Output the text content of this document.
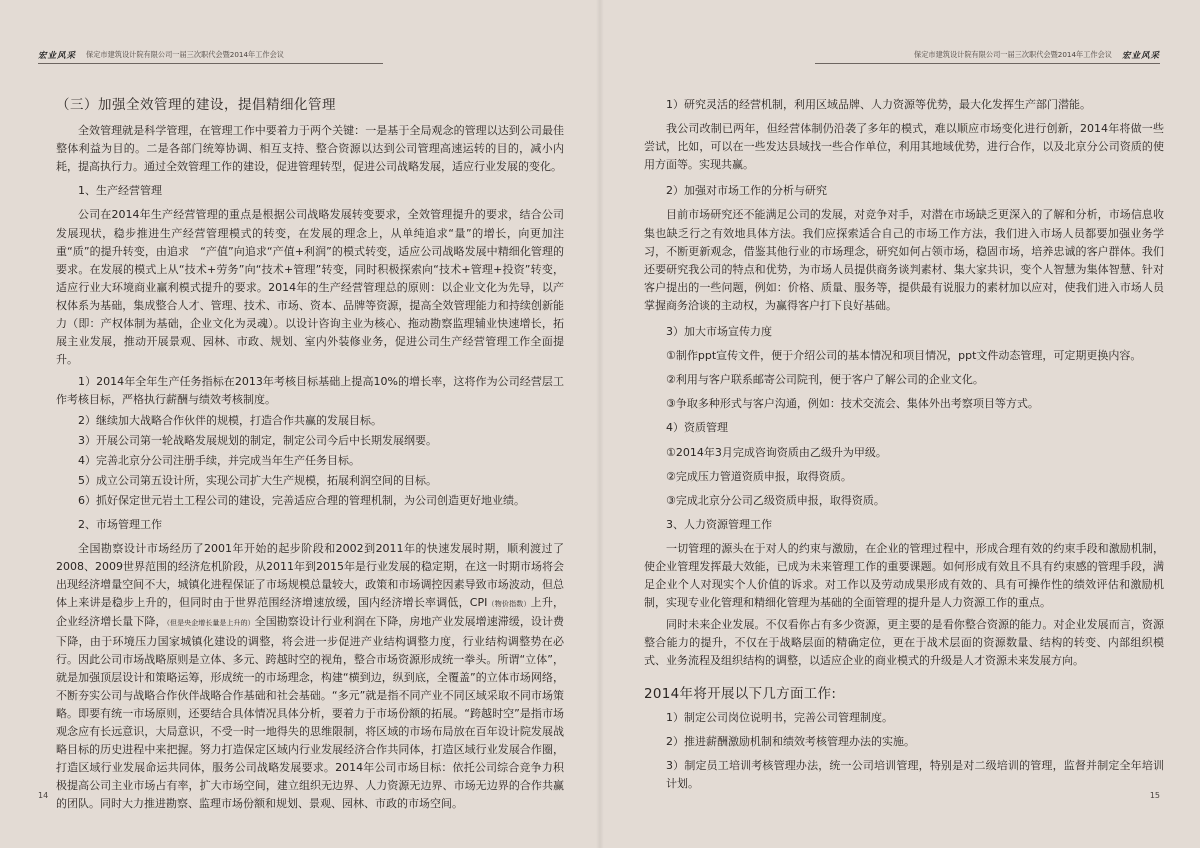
宏业风采 保定市建筑设计院有限公司一届三次职代会暨2014年工作会议
（三）加强全效管理的建设，提倡精细化管理
全效管理就是科学管理，在管理工作中要着力于两个关键：一是基于全局观念的管理以达到公司最佳整体利益为目的。二是各部门统筹协调、相互支持、整合资源以达到公司管理高速运转的目的，减小内耗，提高执行力。通过全效管理工作的建设，促进管理转型，促进公司战略发展，适应行业发展的变化。
1、生产经营管理
公司在2014年生产经营管理的重点是根据公司战略发展转变要求，全效管理提升的要求，结合公司发展现状，稳步推进生产经营管理模式的转变，在发展的理念上，从单纯追求“量”的增长，向更加注重“质”的提升转变，由追求　“产值”向追求“产值+利润”的模式转变，适应公司战略发展中精细化管理的要求。在发展的模式上从“技术+劳务”向“技术+管理”转变，同时积极探索向“技术+管理+投资”转变，适应行业大环境商业赢利模式提升的要求。2014年的生产经营管理总的原则：以企业文化为先导，以产权体系为基础，集成整合人才、管理、技术、市场、资本、品牌等资源，提高全效管理能力和持续创新能力（即：产权体制为基础，企业文化为灵魂）。以设计咨询主业为核心、拖动勘察监理辅业快速增长，拓展主业发展，推动开展景观、园林、市政、规划、室内外装修业务，促进公司生产经营管理工作全面提升。
1）2014年全年生产任务指标在2013年考核目标基础上提高10%的增长率，这将作为公司经营层工作考核目标，严格执行薪酬与绩效考核制度。
2）继续加大战略合作伙伴的规模，打造合作共赢的发展目标。
3）开展公司第一轮战略发展规划的制定，制定公司今后中长期发展纲要。
4）完善北京分公司注册手续，并完成当年生产任务目标。
5）成立公司第五设计所，实现公司扩大生产规模，拓展利润空间的目标。
6）抓好保定世元岩土工程公司的建设，完善适应合理的管理机制，为公司创造更好地业绩。
2、市场管理工作
全国勘察设计市场经历了2001年开始的起步阶段和2002到2011年的快速发展时期，顺利渡过了2008、2009世界范围的经济危机阶段，从2011年到2015年是行业发展的稳定期，在这一时期市场将会出现经济增量空间不大，城镇化进程保证了市场规模总量较大，政策和市场调控因素导致市场波动，但总体上来讲是稳步上升的，但同时由于世界范围经济增速放缓，国内经济增长率调低，CPI（物价指数）上升，企业经济增长量下降，（但是央企增长量是上升的）全国勘察设计行业利润在下降，房地产业发展增速滞缓，设计费下降，由于环境压力国家城镇化建设的调整，将会进一步促进产业结构调整力度，行业结构调整势在必行。因此公司市场战略原则是立体、多元、跨越时空的视角，整合市场资源形成统一拳头。所谓“立体”，就是加强顶层设计和策略运筹，形成统一的市场理念，构建“横到边，纵到底，全覆盖”的立体市场网络，不断夯实公司与战略合作伙伴战略合作基础和社会基础。“多元”就是指不同产业不同区域采取不同市场策略。即要有统一市场原则，还要结合具体情况具体分析，要着力于市场份额的拓展。“跨越时空”是指市场观念应有长远意识，大局意识，不受一时一地得失的思维限制，将区域的市场布局放在百年设计院发展战略目标的历史进程中来把握。努力打造保定区域内行业发展经济合作共同体，打造区域行业发展合作圈，打造区域行业发展命运共同体，服务公司战略发展要求。2014年公司市场目标：依托公司综合竞争力积极提高公司主业市场占有率，扩大市场空间，建立组织无边界、人力资源无边界、市场无边界的合作共赢的团队。同时大力推进勘察、监理市场份额和规划、景观、园林、市政的市场空间。
14
保定市建筑设计院有限公司一届三次职代会暨2014年工作会议 宏业风采
1）研究灵活的经营机制，利用区域品牌、人力资源等优势，最大化发挥生产部门潜能。
我公司改制已两年，但经营体制仍沿袭了多年的模式，难以顺应市场变化进行创新，2014年将做一些尝试，比如，可以在一些发达县域找一些合作单位，利用其地域优势，进行合作，以及北京分公司资质的使用方面等。实现共赢。
2）加强对市场工作的分析与研究
目前市场研究还不能满足公司的发展，对竞争对手，对潜在市场缺乏更深入的了解和分析，市场信息收集也缺乏行之有效地具体方法。我们应探索适合自己的市场工作方法，我们进入市场人员都要加强业务学习，不断更新观念，借鉴其他行业的市场理念，研究如何占领市场，稳固市场，培养忠诚的客户群体。我们还要研究我公司的特点和优势，为市场人员提供商务谈判素材、集大家共识，变个人智慧为集体智慧、针对客户提出的一些问题，例如：价格、质量、服务等，提供最有说服力的素材加以应对，使我们进入市场人员掌握商务洽谈的主动权，为赢得客户打下良好基础。
3）加大市场宣传力度
①制作ppt宣传文件，便于介绍公司的基本情况和项目情况，ppt文件动态管理，可定期更换内容。
②利用与客户联系邮寄公司院刊，便于客户了解公司的企业文化。
③争取多种形式与客户沟通，例如：技术交流会、集体外出考察项目等方式。
4）资质管理
①2014年3月完成咨询资质由乙级升为甲级。
②完成压力管道资质申报，取得资质。
③完成北京分公司乙级资质申报，取得资质。
3、人力资源管理工作
一切管理的源头在于对人的约束与激励，在企业的管理过程中，形成合理有效的约束手段和激励机制，使企业管理发挥最大效能，已成为未来管理工作的重要课题。如何形成有效且不具有约束感的管理手段，满足企业个人对现实个人价值的诉求。对工作以及劳动成果形成有效的、具有可操作性的绩效评估和激励机制，实现专业化管理和精细化管理为基础的全面管理的提升是人力资源工作的重点。
同时未来企业发展。不仅看你占有多少资源，更主要的是看你整合资源的能力。对企业发展而言，资源整合能力的提升，不仅在于战略层面的精确定位，更在于战术层面的资源数量、结构的转变、内部组织模式、业务流程及组织结构的调整，以适应企业的商业模式的升级是人才资源未来发展方向。
2014年将开展以下几方面工作:
1）制定公司岗位说明书，完善公司管理制度。
2）推进薪酬激励机制和绩效考核管理办法的实施。
3）制定员工培训考核管理办法，统一公司培训管理，特别是对二级培训的管理，监督并制定全年培训计划。
15
